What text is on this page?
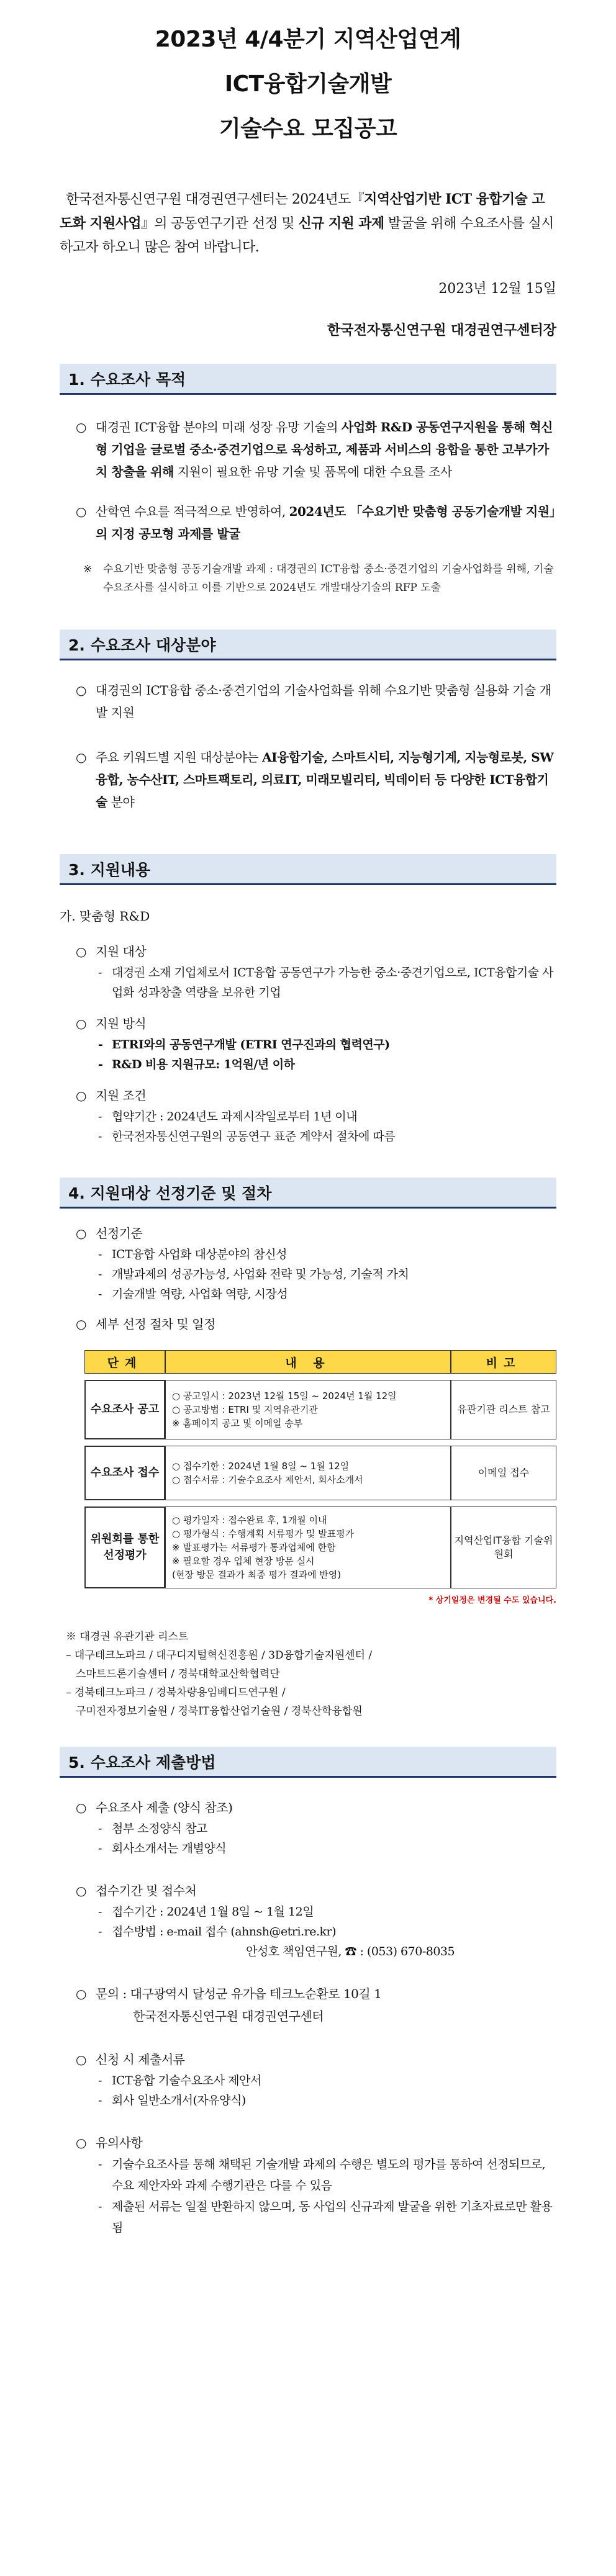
2023년 4/4분기 지역산업연계
ICT융합기술개발
기술수요 모집공고

한국전자통신연구원 대경권연구센터는 2024년도『지역산업기반 ICT 융합기술 고도화 지원사업』의 공동연구기관 선정 및 신규 지원 과제 발굴을 위해 수요조사를 실시하고자 하오니 많은 참여 바랍니다.

2023년 12월 15일
한국전자통신연구원 대경권연구센터장
1. 수요조사 목적
○ 대경권 ICT융합 분야의 미래 성장 유망 기술의 사업화 R&D 공동연구지원을 통해 혁신형 기업을 글로벌 중소·중견기업으로 육성하고, 제품과 서비스의 융합을 통한 고부가가치 창출을 위해 지원이 필요한 유망 기술 및 품목에 대한 수요를 조사
○ 산학연 수요를 적극적으로 반영하여, 2024년도 「수요기반 맞춤형 공동기술개발 지원」의 지정 공모형 과제를 발굴
※ 수요기반 맞춤형 공동기술개발 과제 : 대경권의 ICT융합 중소·중견기업의 기술사업화를 위해, 기술수요조사를 실시하고 이를 기반으로 2024년도 개발대상기술의 RFP 도출
2. 수요조사 대상분야
○ 대경권의 ICT융합 중소·중견기업의 기술사업화를 위해 수요기반 맞춤형 실용화 기술 개발 지원
○ 주요 키워드별 지원 대상분야는 AI융합기술, 스마트시티, 지능형기계, 지능형로봇, SW융합, 농수산IT, 스마트팩토리, 의료IT, 미래모빌리티, 빅데이터 등 다양한 ICT융합기술 분야
3. 지원내용
가. 맞춤형 R&D
○ 지원 대상
- 대경권 소재 기업체로서 ICT융합 공동연구가 가능한 중소·중견기업으로, ICT융합기술 사업화 성과창출 역량을 보유한 기업
○ 지원 방식
- ETRI와의 공동연구개발 (ETRI 연구진과의 협력연구)
- R&D 비용 지원규모: 1억원/년 이하
○ 지원 조건
- 협약기간 : 2024년도 과제시작일로부터 1년 이내
- 한국전자통신연구원의 공동연구 표준 계약서 절차에 따름
4. 지원대상 선정기준 및 절차
○ 선정기준
- ICT융합 사업화 대상분야의 참신성
- 개발과제의 성공가능성, 사업화 전략 및 가능성, 기술적 가치
- 기술개발 역량, 사업화 역량, 시장성
○ 세부 선정 절차 및 일정
단계	내 용	비고
수요조사 공고	○ 공고일시 : 2023년 12월 15일 ~ 2024년 1월 12일
○ 공고방법 : ETRI 및 지역유관기관
※ 홈페이지 공고 및 이메일 송부	유관기관 리스트 참고
수요조사 접수	○ 접수기한 : 2024년 1월 8일 ~ 1월 12일
○ 접수서류 : 기술수요조사 제안서, 회사소개서	이메일 접수
위원회를 통한 선정평가	○ 평가일자 : 접수완료 후, 1개월 이내
○ 평가형식 : 수행계획 서류평가 및 발표평가
※ 발표평가는 서류평가 통과업체에 한함
※ 필요할 경우 업체 현장 방문 실시
(현장 방문 결과가 최종 평가 결과에 반영)	지역산업IT융합 기술위원회
* 상기일정은 변경될 수도 있습니다.
※ 대경권 유관기관 리스트
– 대구테크노파크 / 대구디지털혁신진흥원 / 3D융합기술지원센터 /
스마트드론기술센터 / 경북대학교산학협력단
– 경북테크노파크 / 경북차량용임베디드연구원 /
구미전자정보기술원 / 경북IT융합산업기술원 / 경북산학융합원
5. 수요조사 제출방법
○ 수요조사 제출 (양식 참조)
- 첨부 소정양식 참고
- 회사소개서는 개별양식
○ 접수기간 및 접수처
- 접수기간 : 2024년 1월 8일 ~ 1월 12일
- 접수방법 : e-mail 접수 (ahnsh@etri.re.kr)
안성호 책임연구원, ☎ : (053) 670-8035
○ 문의 : 대구광역시 달성군 유가읍 테크노순환로 10길 1
한국전자통신연구원 대경권연구센터
○ 신청 시 제출서류
- ICT융합 기술수요조사 제안서
- 회사 일반소개서(자유양식)
○ 유의사항
- 기술수요조사를 통해 채택된 기술개발 과제의 수행은 별도의 평가를 통하여 선정되므로, 수요 제안자와 과제 수행기관은 다를 수 있음
- 제출된 서류는 일절 반환하지 않으며, 동 사업의 신규과제 발굴을 위한 기초자료로만 활용됨
